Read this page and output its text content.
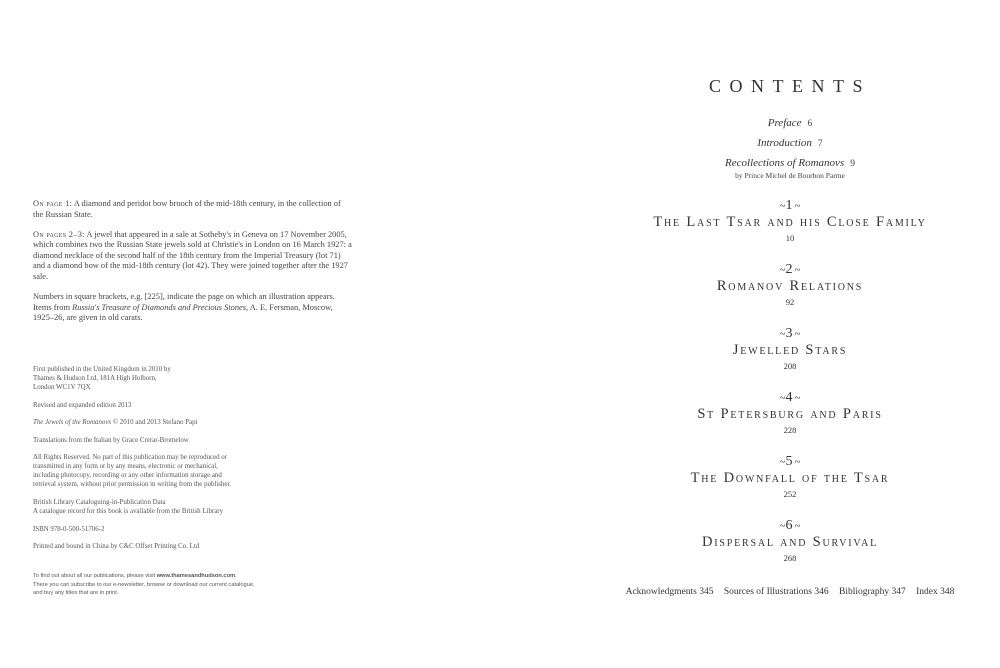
On page 1: A diamond and peridot bow brooch of the mid-18th century, in the collection of the Russian State.

On pages 2–3: A jewel that appeared in a sale at Sotheby's in Geneva on 17 November 2005, which combines two the Russian State jewels sold at Christie's in London on 16 March 1927: a diamond necklace of the second half of the 18th century from the Imperial Treasury (lot 71) and a diamond bow of the mid-18th century (lot 42). They were joined together after the 1927 sale.

Numbers in square brackets, e.g. [225], indicate the page on which an illustration appears. Items from Russia's Treasure of Diamonds and Precious Stones, A. E. Fersman, Moscow, 1925–26, are given in old carats.

First published in the United Kingdom in 2010 by Thames & Hudson Ltd, 181A High Holborn, London WC1V 7QX

Revised and expanded edition 2013

The Jewels of the Romanovs © 2010 and 2013 Stefano Papi

Translations from the Italian by Grace Crerar-Bromelow

All Rights Reserved. No part of this publication may be reproduced or transmitted in any form or by any means, electronic or mechanical, including photocopy, recording or any other information storage and retrieval system, without prior permission in writing from the publisher.

British Library Cataloguing-in-Publication Data
A catalogue record for this book is available from the British Library

ISBN 978-0-500-51706-2

Printed and bound in China by C&C Offset Printing Co. Ltd

To find out about all our publications, please visit www.thamesandhudson.com.
There you can subscribe to our e-newsletter, browse or download our current catalogue,
and buy any titles that are in print.
CONTENTS
Preface 6
Introduction 7
Recollections of Romanovs 9
by Prince Michel de Bourbon Parme
~1~
The Last Tsar and his Close Family
10
~2~
Romanov Relations
92
~3~
Jewelled Stars
208
~4~
St Petersburg and Paris
228
~5~
The Downfall of the Tsar
252
~6~
Dispersal and Survival
268
Acknowledgments 345 Sources of Illustrations 346 Bibliography 347 Index 348
